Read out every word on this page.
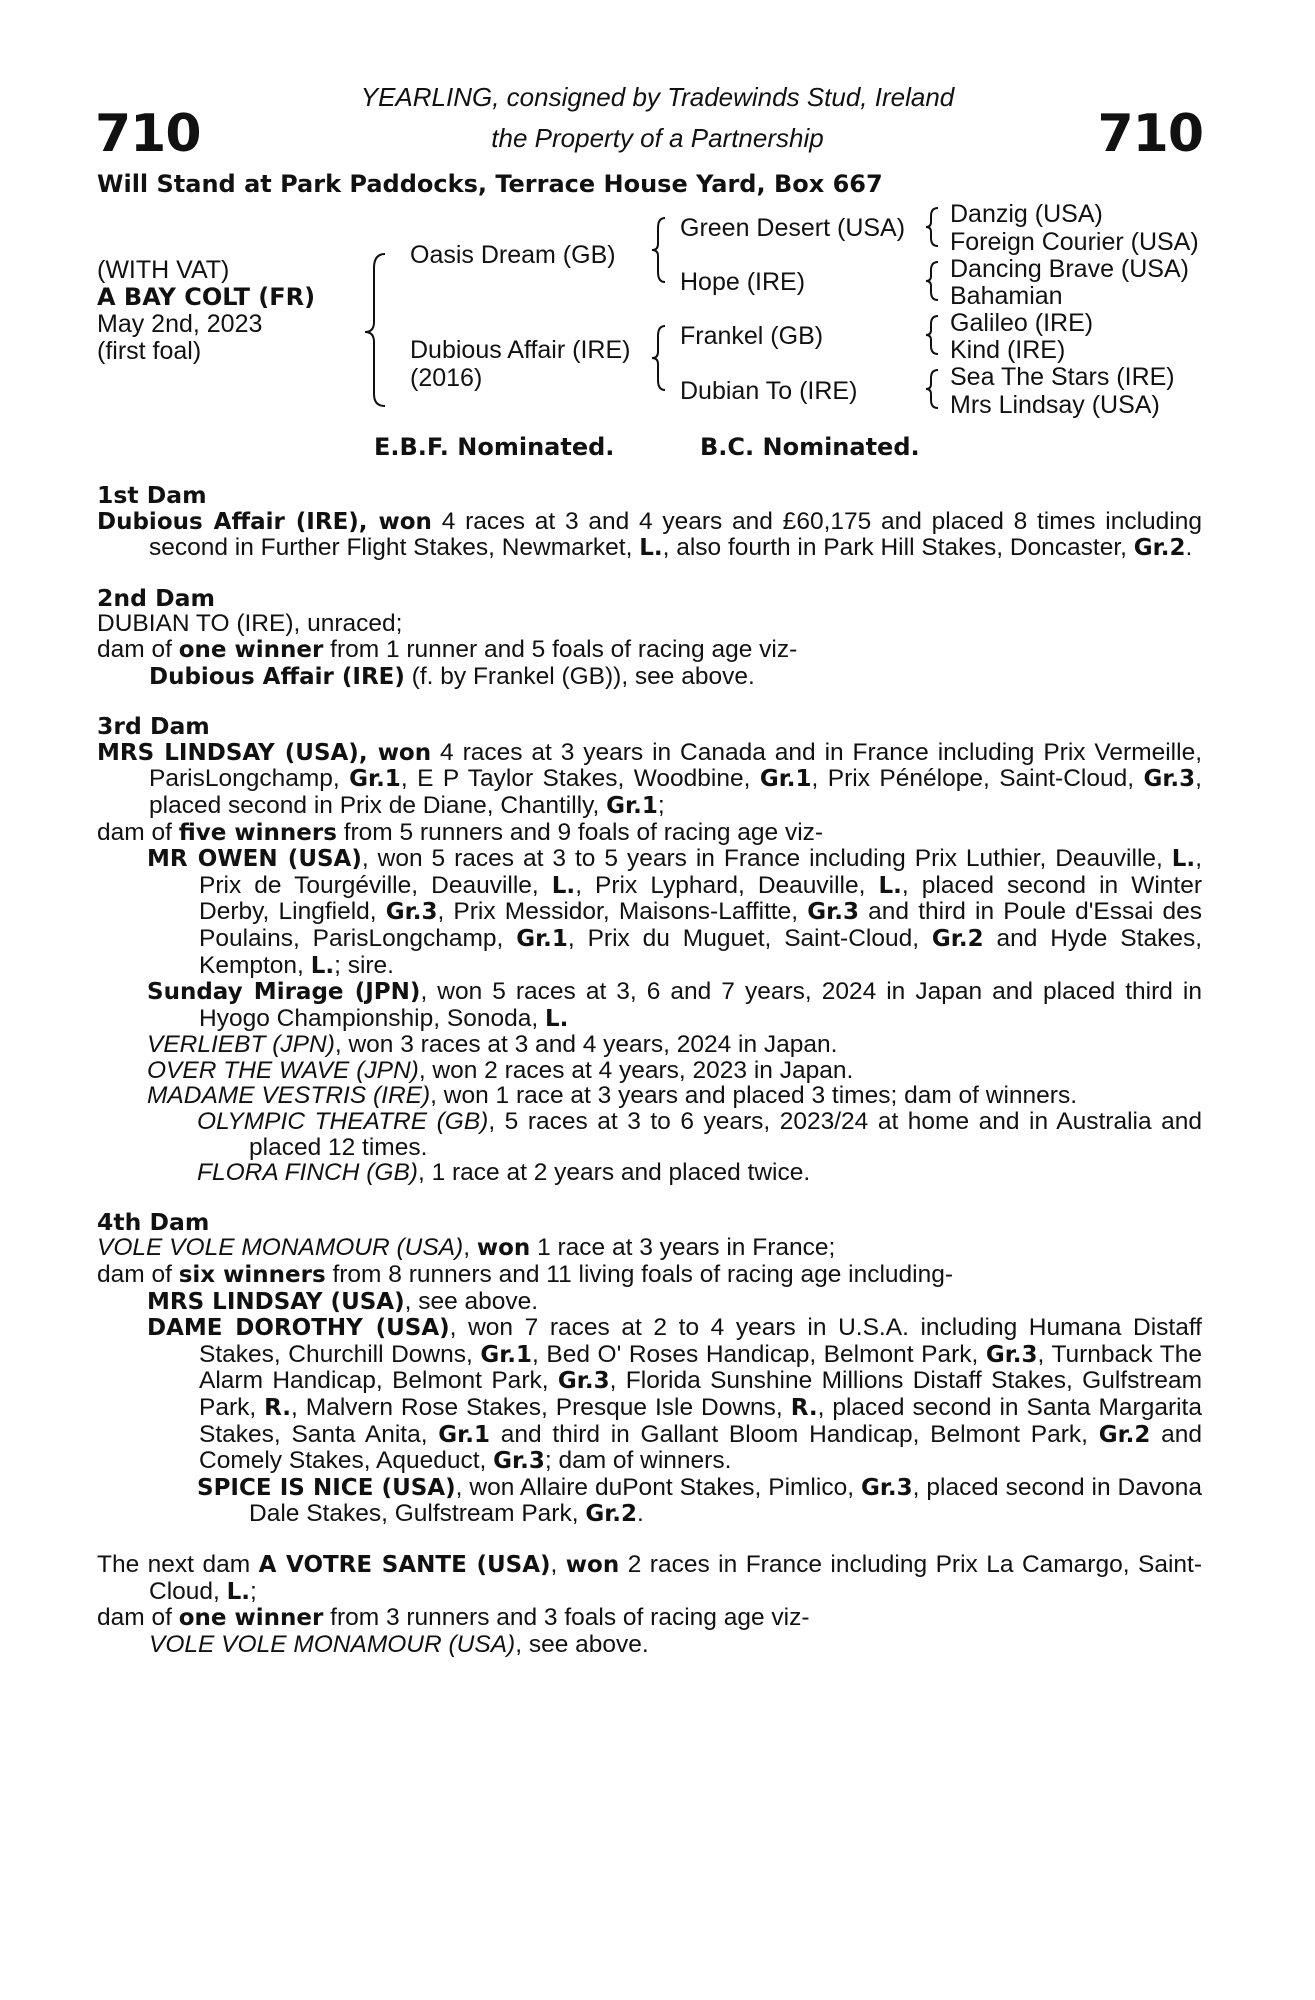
710	710
YEARLING, consigned by Tradewinds Stud, Ireland
the Property of a Partnership
Will Stand at Park Paddocks, Terrace House Yard, Box 667
(WITH VAT)
A BAY COLT (FR)
May 2nd, 2023
(first foal)
Oasis Dream (GB)
Dubious Affair (IRE)
(2016)
Green Desert (USA)
Hope (IRE)
Frankel (GB)
Dubian To (IRE)
Danzig (USA)
Foreign Courier (USA)
Dancing Brave (USA)
Bahamian
Galileo (IRE)
Kind (IRE)
Sea The Stars (IRE)
Mrs Lindsay (USA)
E.B.F. Nominated.	B.C. Nominated.

1st Dam

Dubious Affair (IRE), won 4 races at 3 and 4 years and £60,175 and placed 8 times including second in Further Flight Stakes, Newmarket, L., also fourth in Park Hill Stakes, Doncaster, Gr.2.

2nd Dam

DUBIAN TO (IRE), unraced;

dam of one winner from 1 runner and 5 foals of racing age viz-

Dubious Affair (IRE) (f. by Frankel (GB)), see above.

3rd Dam

MRS LINDSAY (USA), won 4 races at 3 years in Canada and in France including Prix Vermeille, ParisLongchamp, Gr.1, E P Taylor Stakes, Woodbine, Gr.1, Prix Pénélope, Saint-Cloud, Gr.3, placed second in Prix de Diane, Chantilly, Gr.1;

dam of five winners from 5 runners and 9 foals of racing age viz-

MR OWEN (USA), won 5 races at 3 to 5 years in France including Prix Luthier, Deauville, L., Prix de Tourgéville, Deauville, L., Prix Lyphard, Deauville, L., placed second in Winter Derby, Lingfield, Gr.3, Prix Messidor, Maisons-Laffitte, Gr.3 and third in Poule d'Essai des Poulains, ParisLongchamp, Gr.1, Prix du Muguet, Saint-Cloud, Gr.2 and Hyde Stakes, Kempton, L.; sire.

Sunday Mirage (JPN), won 5 races at 3, 6 and 7 years, 2024 in Japan and placed third in Hyogo Championship, Sonoda, L.

VERLIEBT (JPN), won 3 races at 3 and 4 years, 2024 in Japan.

OVER THE WAVE (JPN), won 2 races at 4 years, 2023 in Japan.

MADAME VESTRIS (IRE), won 1 race at 3 years and placed 3 times; dam of winners.

OLYMPIC THEATRE (GB), 5 races at 3 to 6 years, 2023/24 at home and in Australia and placed 12 times.

FLORA FINCH (GB), 1 race at 2 years and placed twice.

4th Dam

VOLE VOLE MONAMOUR (USA), won 1 race at 3 years in France;

dam of six winners from 8 runners and 11 living foals of racing age including-

MRS LINDSAY (USA), see above.

DAME DOROTHY (USA), won 7 races at 2 to 4 years in U.S.A. including Humana Distaff Stakes, Churchill Downs, Gr.1, Bed O' Roses Handicap, Belmont Park, Gr.3, Turnback The Alarm Handicap, Belmont Park, Gr.3, Florida Sunshine Millions Distaff Stakes, Gulfstream Park, R., Malvern Rose Stakes, Presque Isle Downs, R., placed second in Santa Margarita Stakes, Santa Anita, Gr.1 and third in Gallant Bloom Handicap, Belmont Park, Gr.2 and Comely Stakes, Aqueduct, Gr.3; dam of winners.

SPICE IS NICE (USA), won Allaire duPont Stakes, Pimlico, Gr.3, placed second in Davona Dale Stakes, Gulfstream Park, Gr.2.

The next dam A VOTRE SANTE (USA), won 2 races in France including Prix La Camargo, Saint-Cloud, L.;

dam of one winner from 3 runners and 3 foals of racing age viz-

VOLE VOLE MONAMOUR (USA), see above.
